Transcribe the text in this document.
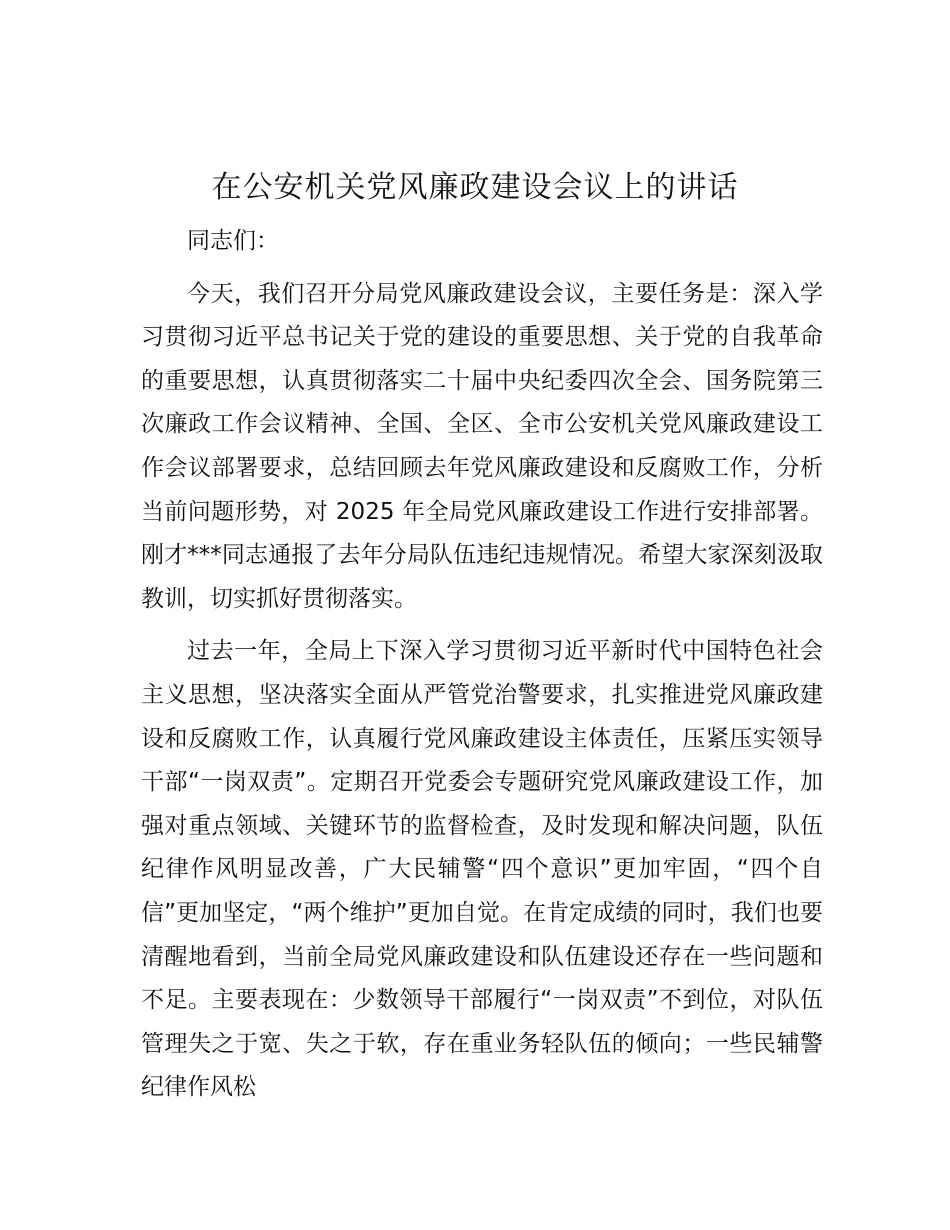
在公安机关党风廉政建设会议上的讲话

同志们：

今天，我们召开分局党风廉政建设会议，主要任务是：深入学习贯彻习近平总书记关于党的建设的重要思想、关于党的自我革命的重要思想，认真贯彻落实二十届中央纪委四次全会、国务院第三次廉政工作会议精神、全国、全区、全市公安机关党风廉政建设工作会议部署要求，总结回顾去年党风廉政建设和反腐败工作，分析当前问题形势，对 2025 年全局党风廉政建设工作进行安排部署。刚才***同志通报了去年分局队伍违纪违规情况。希望大家深刻汲取教训，切实抓好贯彻落实。

过去一年，全局上下深入学习贯彻习近平新时代中国特色社会主义思想，坚决落实全面从严管党治警要求，扎实推进党风廉政建设和反腐败工作，认真履行党风廉政建设主体责任，压紧压实领导干部“一岗双责”。定期召开党委会专题研究党风廉政建设工作，加强对重点领域、关键环节的监督检查，及时发现和解决问题，队伍纪律作风明显改善，广大民辅警“四个意识”更加牢固，“四个自信”更加坚定，“两个维护”更加自觉。在肯定成绩的同时，我们也要清醒地看到，当前全局党风廉政建设和队伍建设还存在一些问题和不足。主要表现在：少数领导干部履行“一岗双责”不到位，对队伍管理失之于宽、失之于软，存在重业务轻队伍的倾向；一些民辅警纪律作风松
